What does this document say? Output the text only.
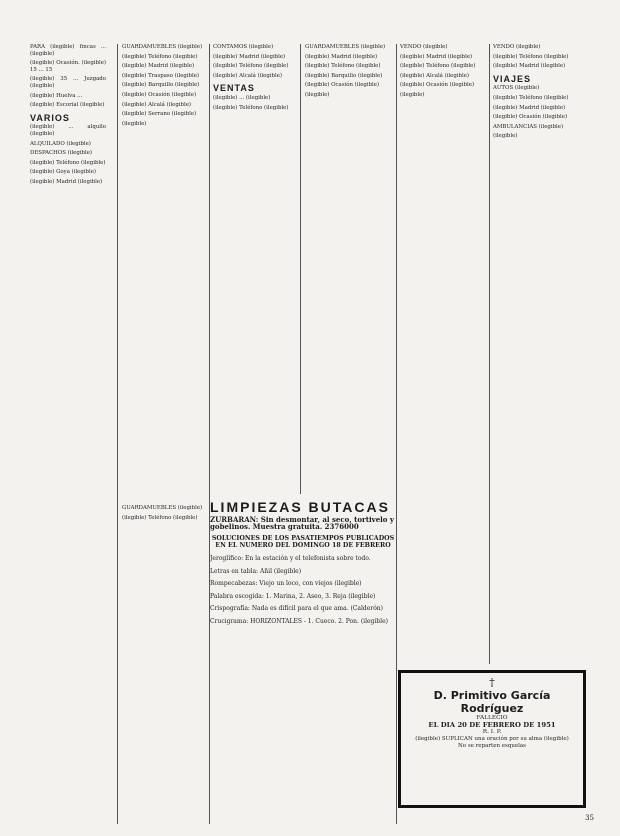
PARA (ilegible) fincas ... (ilegible)

(ilegible) Ocasión. (ilegible) 15 ... 15

(ilegible) 35 ... Juzgado (ilegible)

(ilegible) Huelva ...

(ilegible) Escorial (ilegible)

VARIOS

(ilegible) ... alquilo (ilegible)

ALQUILADO (ilegible)

DESPACHOS (ilegible)

(ilegible) Teléfono (ilegible)

(ilegible) Goya (ilegible)

(ilegible) Madrid (ilegible)

GUARDAMUEBLES (ilegible)

(ilegible) Teléfono (ilegible)

(ilegible) Madrid (ilegible)

(ilegible) Traspaso (ilegible)

(ilegible) Barquillo (ilegible)

(ilegible) Ocasión (ilegible)

(ilegible) Alcalá (ilegible)

(ilegible) Serrano (ilegible)

(ilegible)

GUARDAMUEBLES (ilegible)

(ilegible) Teléfono (ilegible)

CONTAMOS (ilegible)

(ilegible) Madrid (ilegible)

(ilegible) Teléfono (ilegible)

(ilegible) Alcalá (ilegible)

VENTAS

(ilegible) ... (ilegible)

(ilegible) Teléfono (ilegible)

GUARDAMUEBLES (ilegible)

(ilegible) Madrid (ilegible)

(ilegible) Teléfono (ilegible)

(ilegible) Barquillo (ilegible)

(ilegible) Ocasión (ilegible)

(ilegible)

VENDO (ilegible)

(ilegible) Madrid (ilegible)

(ilegible) Teléfono (ilegible)

(ilegible) Alcalá (ilegible)

(ilegible) Ocasión (ilegible)

(ilegible)

VENDO (ilegible)

(ilegible) Teléfono (ilegible)

(ilegible) Madrid (ilegible)

VIAJES

AUTOS (ilegible)

(ilegible) Teléfono (ilegible)

(ilegible) Madrid (ilegible)

(ilegible) Ocasión (ilegible)

AMBULANCIAS (ilegible)

(ilegible)

LIMPIEZAS BUTACAS
ZURBARAN: Sin desmontar, al seco, tortivelo y gobelinos. Muestra gratuita. 2376000

SOLUCIONES DE LOS PASATIEMPOS PUBLICADOS EN EL NUMERO DEL DOMINGO 18 DE FEBRERO

Jeroglífico: En la estación y el telefonista sobre todo.

Letras en tabla: Añil (ilegible)

Rompecabezas: Viejo un loco, con viejos (ilegible)

Palabra escogida: 1. Marina, 2. Aseo, 3. Reja (ilegible)

Crispografía: Nada es difícil para el que ama. (Calderón)

Crucigrama: HORIZONTALES - 1. Cueco. 2. Pon. (ilegible)

†
D. Primitivo García Rodríguez
FALLECIO
EL DIA 20 DE FEBRERO DE 1951
R. I. P.
(ilegible) SUPLICAN una oración por su alma (ilegible)
No se reparten esquelas
35
